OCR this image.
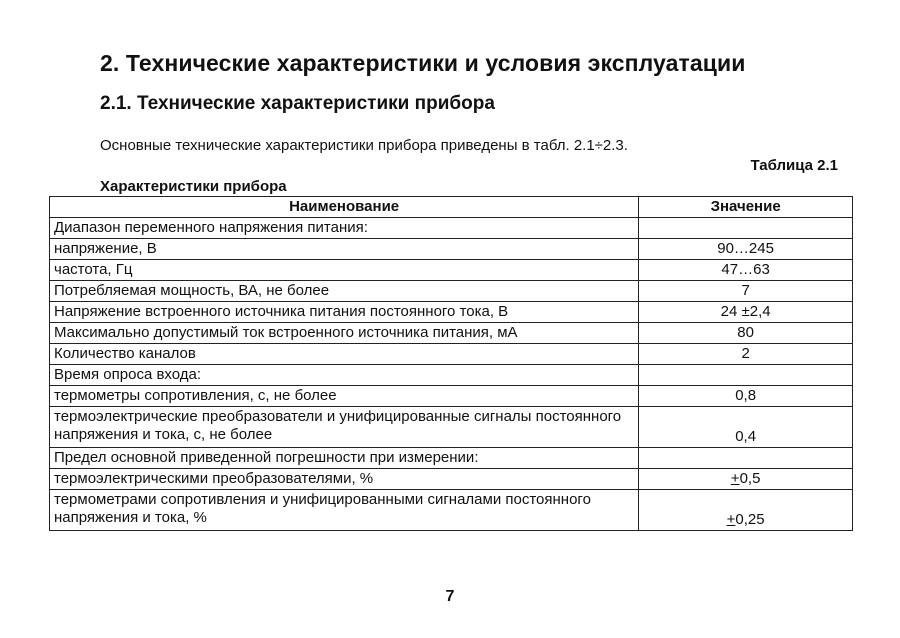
2. Технические характеристики и условия эксплуатации
2.1. Технические характеристики прибора
Основные технические характеристики прибора приведены в табл. 2.1÷2.3.
Таблица 2.1
Характеристики прибора
Наименование	Значение
Диапазон переменного напряжения питания:	
напряжение, В	90…245
частота, Гц	47…63
Потребляемая мощность, ВА, не более	7
Напряжение встроенного источника питания постоянного тока, В	24 ±2,4
Максимально допустимый ток встроенного источника питания, мА	80
Количество каналов	2
Время опроса входа:	
термометры сопротивления, с, не более	0,8
термоэлектрические преобразователи и унифицированные сигналы постоянного напряжения и тока, с, не более	0,4
Предел основной приведенной погрешности при измерении:	
термоэлектрическими преобразователями, %	+0,5
термометрами сопротивления и унифицированными сигналами постоянного напряжения и тока, %	+0,25
7
